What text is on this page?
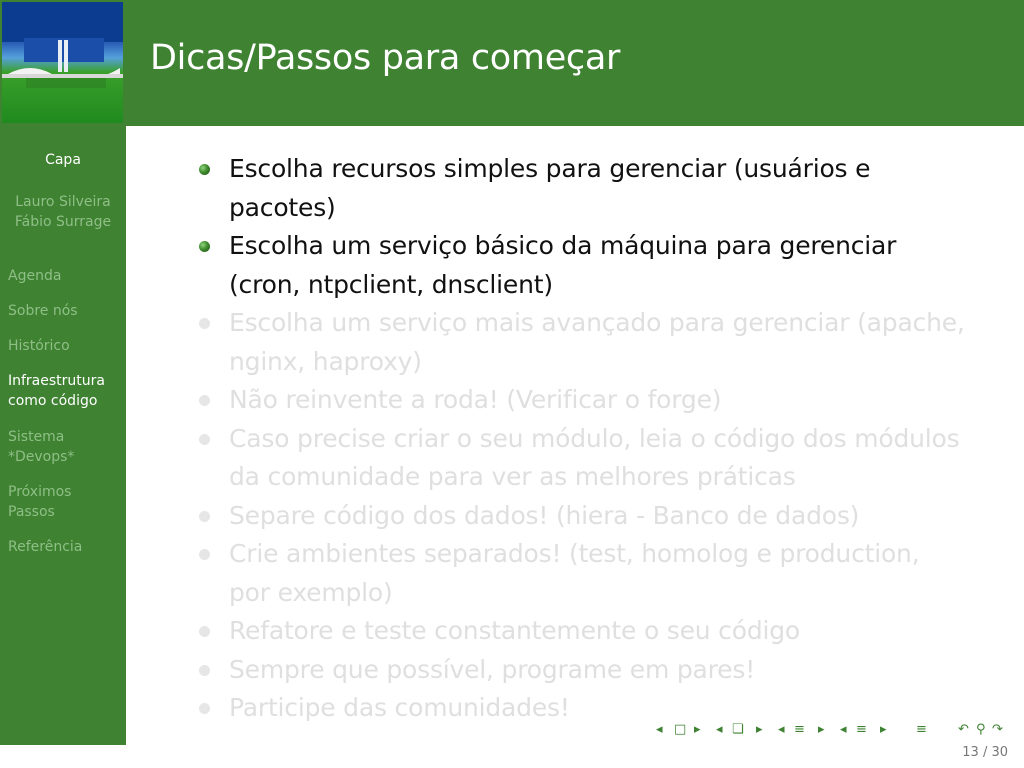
Dicas/Passos para começar
Capa
Lauro Silveira
Fábio Surrage
Agenda
Sobre nós
Histórico
Infraestrutura
como código
Sistema
*Devops*
Próximos
Passos
Referência
Escolha recursos simples para gerenciar (usuários e
pacotes)
Escolha um serviço básico da máquina para gerenciar
(cron, ntpclient, dnsclient)
Escolha um serviço mais avançado para gerenciar (apache,
nginx, haproxy)
Não reinvente a roda! (Verificar o forge)
Caso precise criar o seu módulo, leia o código dos módulos
da comunidade para ver as melhores práticas
Separe código dos dados! (hiera - Banco de dados)
Crie ambientes separados! (test, homolog e production,
por exemplo)
Refatore e teste constantemente o seu código
Sempre que possível, programe em pares!
Participe das comunidades!
◂ □ ▸ ◂ ❏ ▸ ◂ ≡ ▸ ◂ ≡ ▸ ≡ ↶ ⚲ ↷
13 / 30
